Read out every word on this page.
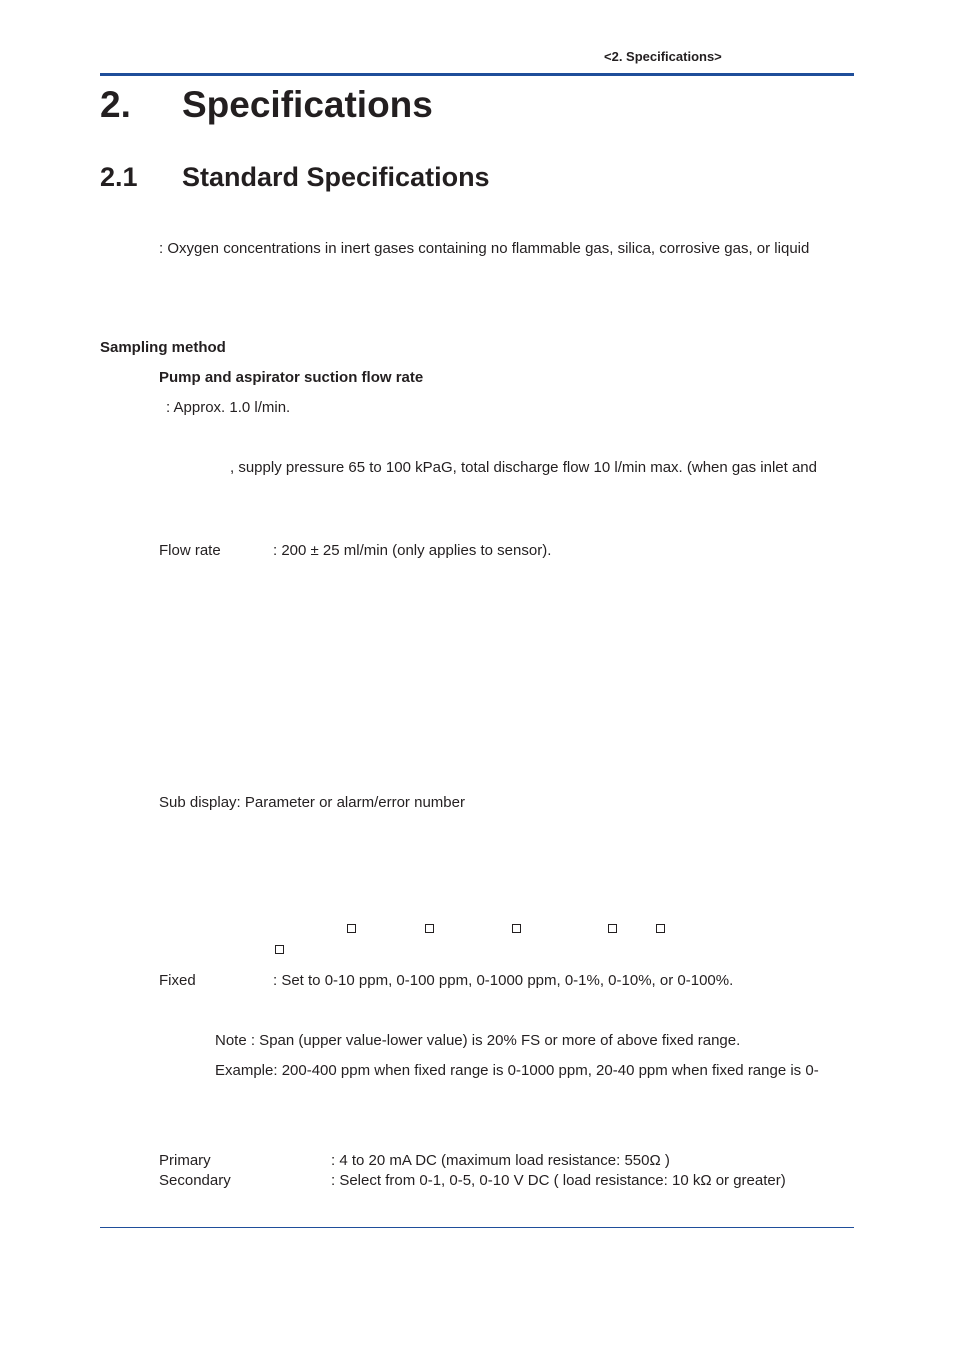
<2. Specifications>
2. Specifications
2.1 Standard Specifications
: Oxygen concentrations in inert gases containing no flammable gas, silica, corrosive gas, or liquid
Sampling method
Pump and aspirator suction flow rate
: Approx. 1.0 l/min.
, supply pressure 65 to 100 kPaG, total discharge flow 10 l/min max. (when gas inlet and
Flow rate	: 200 ± 25 ml/min (only applies to sensor).
Sub display: Parameter or alarm/error number
Fixed	: Set to 0-10 ppm, 0-100 ppm, 0-1000 ppm, 0-1%, 0-10%, or 0-100%.
Note : Span (upper value-lower value) is 20% FS or more of above fixed range.
Example: 200-400 ppm when fixed range is 0-1000 ppm, 20-40 ppm when fixed range is 0-
Primary	: 4 to 20 mA DC (maximum load resistance: 550Ω )
Secondary	: Select from 0-1, 0-5, 0-10 V DC ( load resistance: 10 kΩ or greater)
